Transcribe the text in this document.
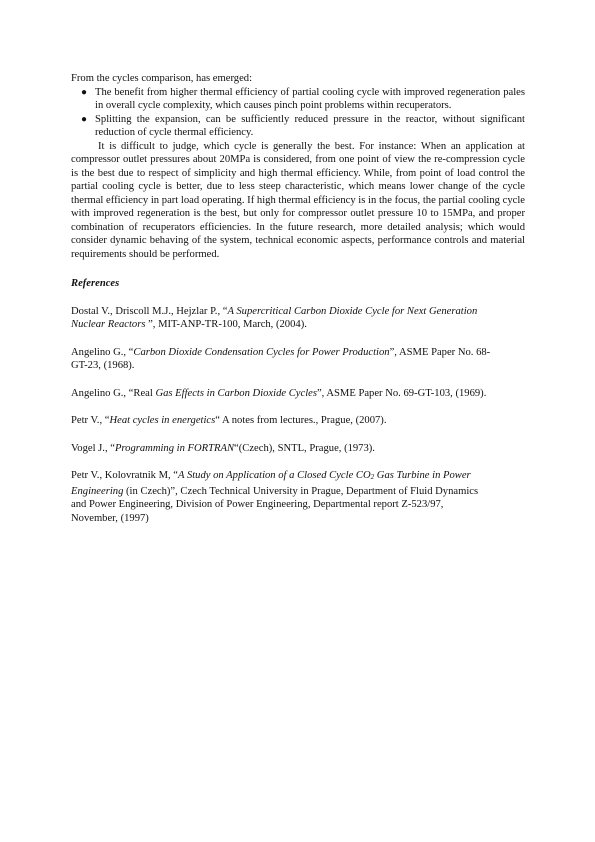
From the cycles comparison, has emerged:

● The benefit from higher thermal efficiency of partial cooling cycle with improved regeneration pales in overall cycle complexity, which causes pinch point problems within recuperators.
● Splitting the expansion, can be sufficiently reduced pressure in the reactor, without significant reduction of cycle thermal efficiency.

It is difficult to judge, which cycle is generally the best. For instance: When an application at compressor outlet pressures about 20MPa is considered, from one point of view the re-compression cycle is the best due to respect of simplicity and high thermal efficiency. While, from point of load control the partial cooling cycle is better, due to less steep characteristic, which means lower change of the cycle thermal efficiency in part load operating. If high thermal efficiency is in the focus, the partial cooling cycle with improved regeneration is the best, but only for compressor outlet pressure 10 to 15MPa, and proper combination of recuperators efficiencies. In the future research, more detailed analysis; which would consider dynamic behaving of the system, technical economic aspects, performance controls and material requirements should be performed.

References

Dostal V., Driscoll M.J., Hejzlar P., “A Supercritical Carbon Dioxide Cycle for Next Generation Nuclear Reactors ”, MIT-ANP-TR-100, March, (2004).

Angelino G., “Carbon Dioxide Condensation Cycles for Power Production”, ASME Paper No. 68-GT-23, (1968).

Angelino G., “Real Gas Effects in Carbon Dioxide Cycles”, ASME Paper No. 69-GT-103, (1969).

Petr V., “Heat cycles in energetics“ A notes from lectures., Prague, (2007).

Vogel J., “Programming in FORTRAN“(Czech), SNTL, Prague, (1973).

Petr V., Kolovratnik M, “A Study on Application of a Closed Cycle $CO_2$ Gas Turbine in Power Engineering (in Czech)”, Czech Technical University in Prague, Department of Fluid Dynamics and Power Engineering, Division of Power Engineering, Departmental report Z-523/97, November, (1997)
